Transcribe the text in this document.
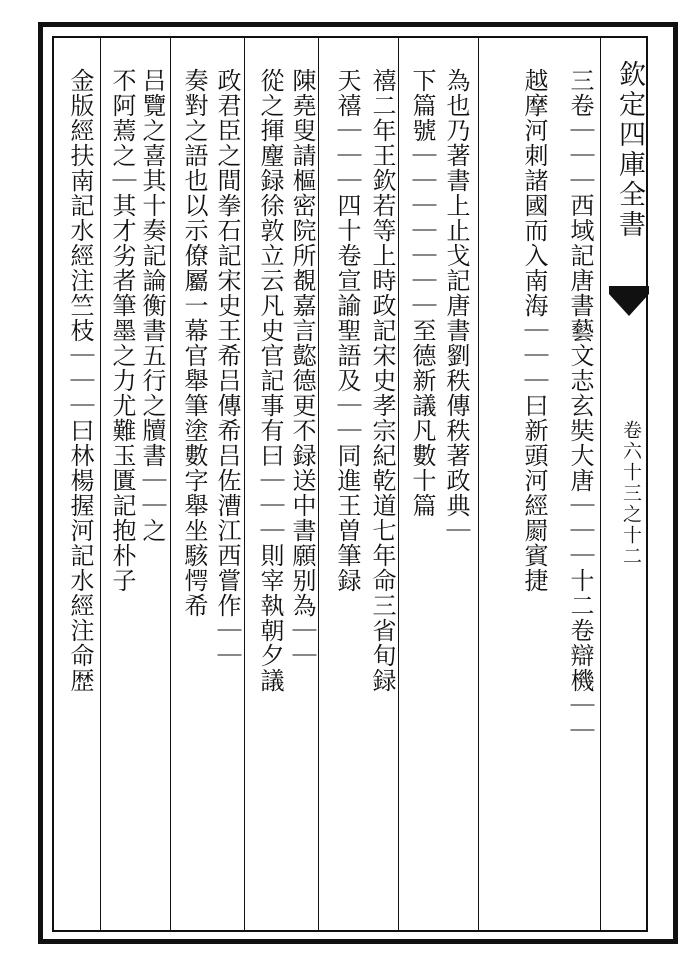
欽定四庫全書
卷六十三之十二
三卷｜｜｜西域記唐書藝文志玄奘大唐｜｜｜十二卷辯機｜｜
越摩河刺諸國而入南海｜｜｜曰新頭河經罽賓捷
為也乃著書上止戈記唐書劉秩傳秩著政典｜
下篇號｜｜｜｜｜｜｜至德新議凡數十篇
禧二年王欽若等上時政記宋史孝宗紀乾道七年命三省旬録
天禧｜｜｜四十卷宣諭聖語及｜｜同進王曽筆録
陳堯叟請樞密院所覩嘉言㦤德更不録送中書願别為｜｜
從之揮麈録徐敦立云凡史官記事有曰｜｜｜則宰執朝夕議
政君臣之間拳石記宋史王希吕傳希吕佐漕江西嘗作｜｜
奏對之語也以示僚屬一幕官舉筆塗數字舉坐駭愕希
吕覽之喜其十奏記論衡書五行之牘書｜｜之
不阿蔫之｜其才劣者筆墨之力尤難玉匱記抱朴子
金版經扶南記水經注竺枝｜｜｜曰林楊握河記水經注命歴
